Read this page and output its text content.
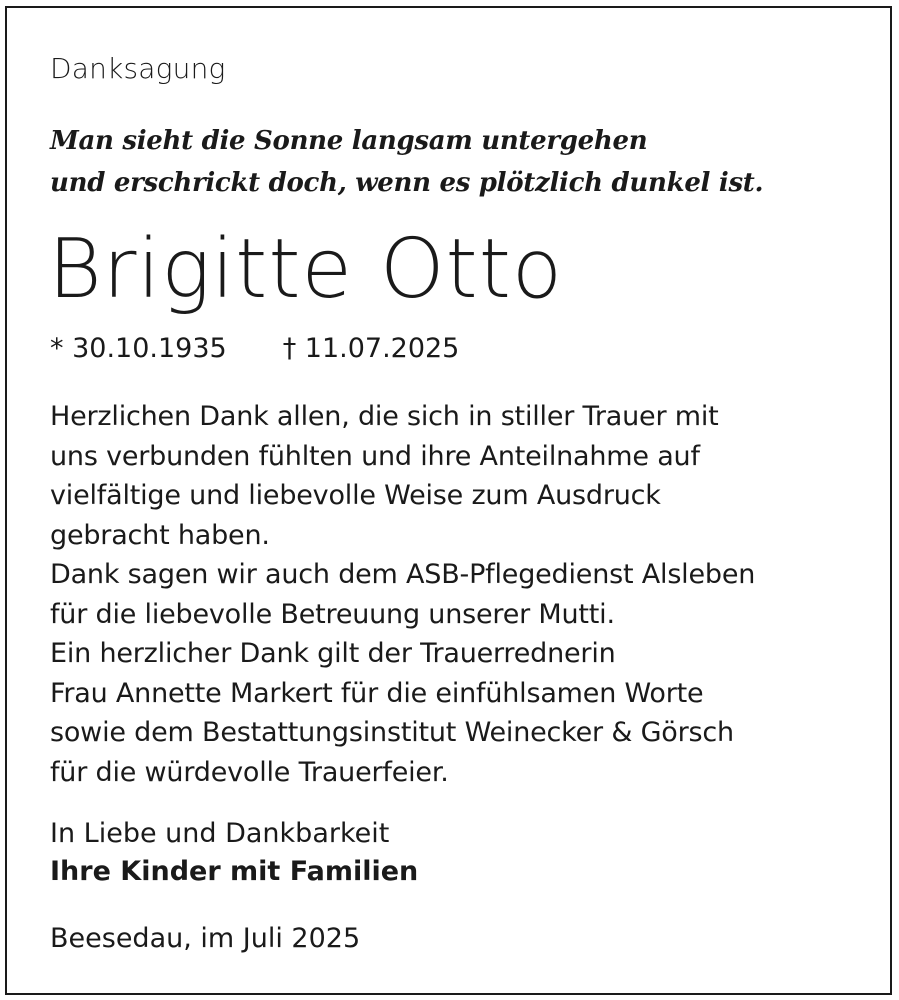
Danksagung
Man sieht die Sonne langsam untergehen
und erschrickt doch, wenn es plötzlich dunkel ist.
Brigitte Otto
* 30.10.1935 † 11.07.2025
Herzlichen Dank allen, die sich in stiller Trauer mit
uns verbunden fühlten und ihre Anteilnahme auf
vielfältige und liebevolle Weise zum Ausdruck
gebracht haben.
Dank sagen wir auch dem ASB-Pflegedienst Alsleben
für die liebevolle Betreuung unserer Mutti.
Ein herzlicher Dank gilt der Trauerrednerin
Frau Annette Markert für die einfühlsamen Worte
sowie dem Bestattungsinstitut Weinecker & Görsch
für die würdevolle Trauerfeier.
In Liebe und Dankbarkeit
Ihre Kinder mit Familien
Beesedau, im Juli 2025
